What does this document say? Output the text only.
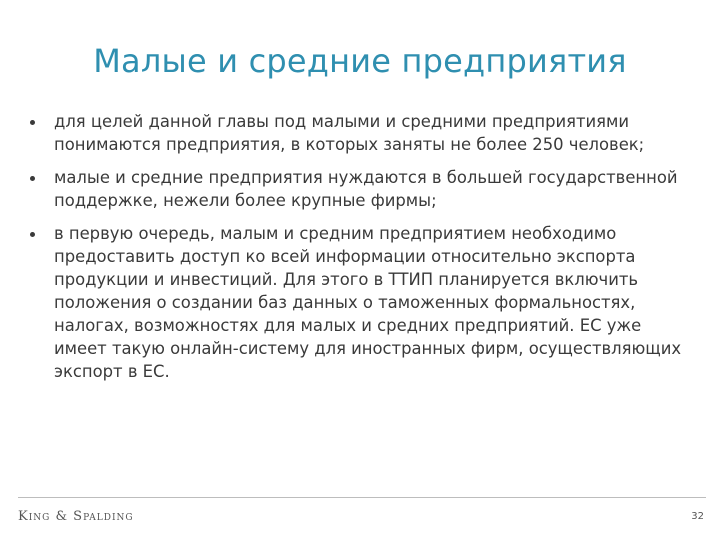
Малые и средние предприятия
для целей данной главы под малыми и средними предприятиями понимаются предприятия, в которых заняты не более 250 человек;
малые и средние предприятия нуждаются в большей государственной поддержке, нежели более крупные фирмы;
в первую очередь, малым и средним предприятием необходимо предоставить доступ ко всей информации относительно экспорта продукции и инвестиций. Для этого в ТТИП планируется включить положения о создании баз данных о таможенных формальностях, налогах, возможностях для малых и средних предприятий. ЕС уже имеет такую онлайн-систему для иностранных фирм, осуществляющих экспорт в ЕС.
King & Spalding	32
